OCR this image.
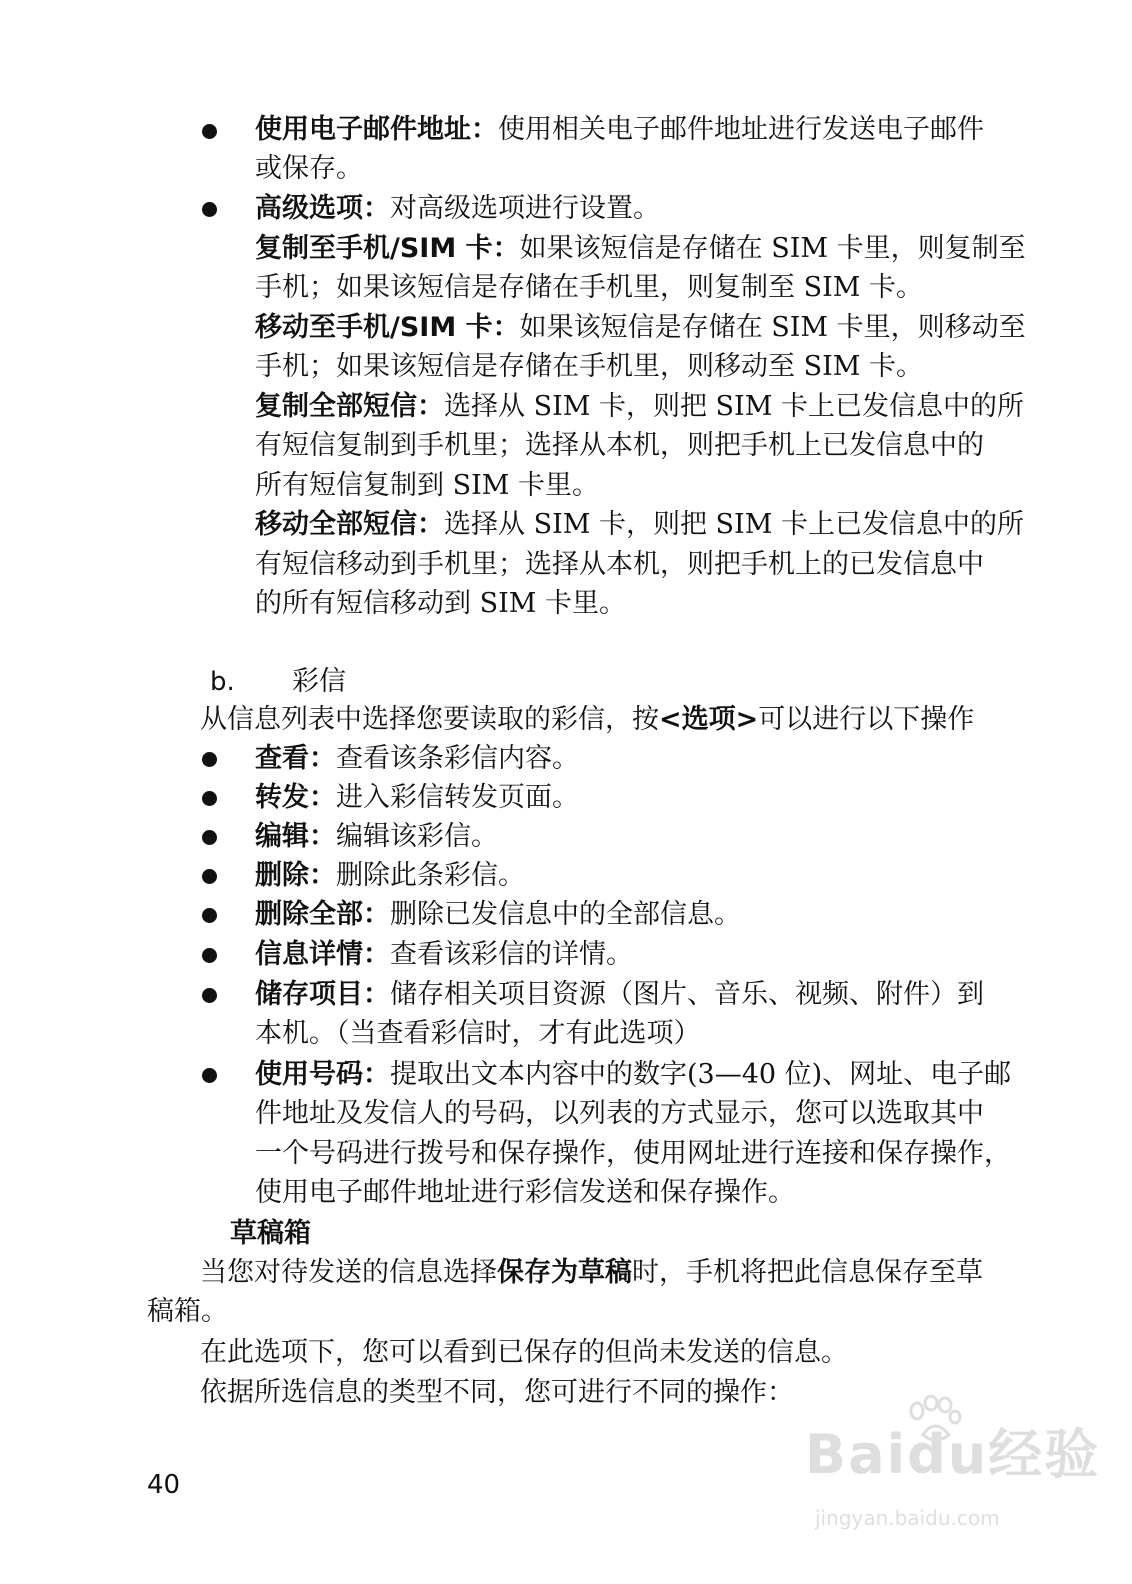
使用电子邮件地址：使用相关电子邮件地址进行发送电子邮件
或保存。
高级选项：对高级选项进行设置。
复制至手机/SIM 卡：如果该短信是存储在 SIM 卡里，则复制至
手机；如果该短信是存储在手机里，则复制至 SIM 卡。
移动至手机/SIM 卡：如果该短信是存储在 SIM 卡里，则移动至
手机；如果该短信是存储在手机里，则移动至 SIM 卡。
复制全部短信：选择从 SIM 卡，则把 SIM 卡上已发信息中的所
有短信复制到手机里；选择从本机，则把手机上已发信息中的
所有短信复制到 SIM 卡里。
移动全部短信：选择从 SIM 卡，则把 SIM 卡上已发信息中的所
有短信移动到手机里；选择从本机，则把手机上的已发信息中
的所有短信移动到 SIM 卡里。
b. 彩信
从信息列表中选择您要读取的彩信，按<选项>可以进行以下操作
查看：查看该条彩信内容。
转发：进入彩信转发页面。
编辑：编辑该彩信。
删除：删除此条彩信。
删除全部：删除已发信息中的全部信息。
信息详情：查看该彩信的详情。
储存项目：储存相关项目资源（图片、音乐、视频、附件）到
本机。（当查看彩信时，才有此选项）
使用号码：提取出文本内容中的数字(3—40 位)、网址、电子邮
件地址及发信人的号码，以列表的方式显示，您可以选取其中
一个号码进行拨号和保存操作，使用网址进行连接和保存操作，
使用电子邮件地址进行彩信发送和保存操作。
草稿箱
当您对待发送的信息选择保存为草稿时，手机将把此信息保存至草
稿箱。
在此选项下，您可以看到已保存的但尚未发送的信息。
依据所选信息的类型不同，您可进行不同的操作：
40	Baidu经验
jingyan.baidu.com
